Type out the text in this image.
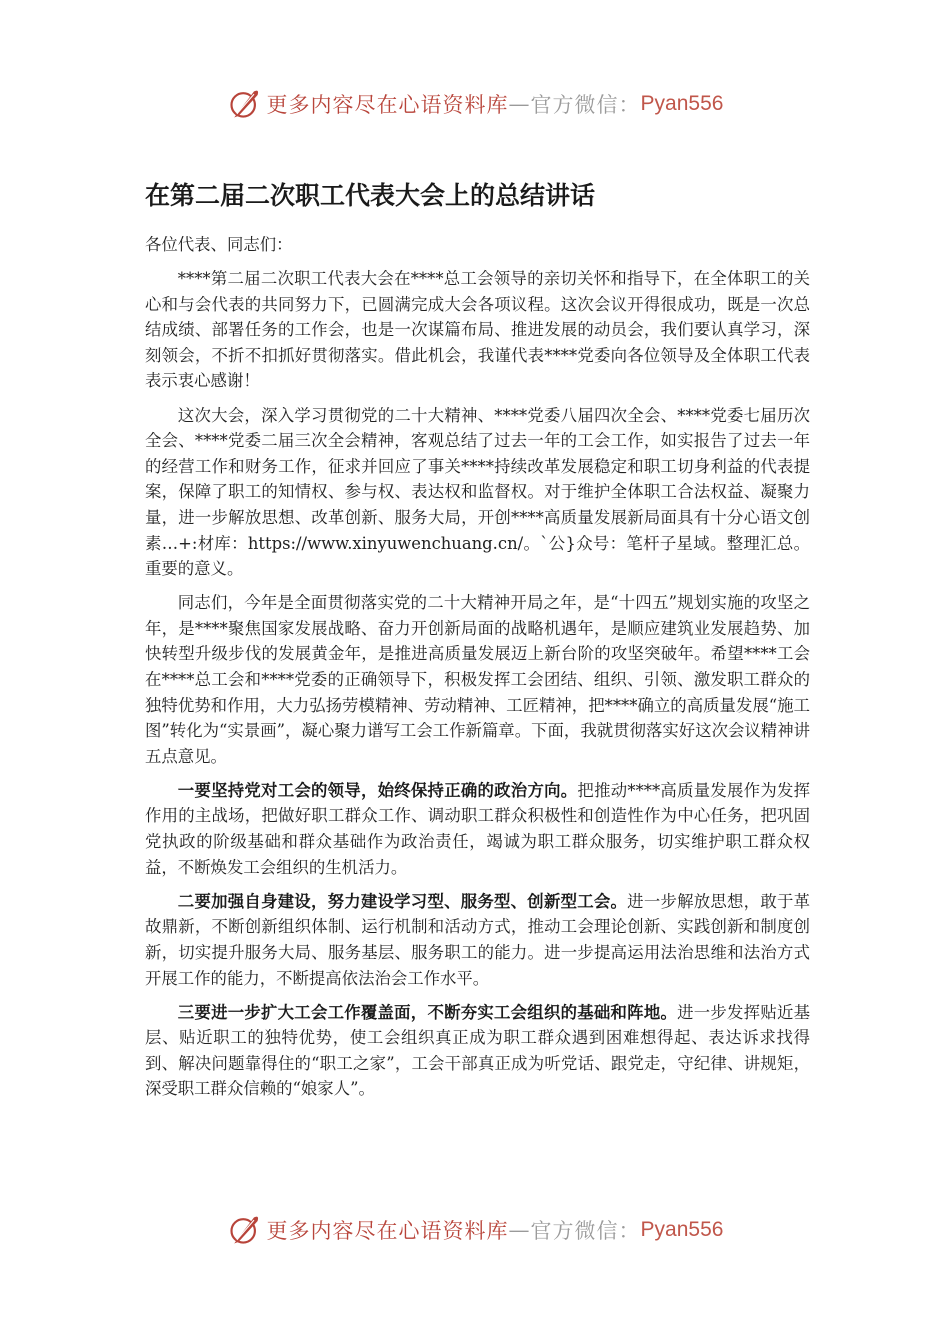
更多内容尽在心语资料库 — 官方微信： Pyan556
在第二届二次职工代表大会上的总结讲话

各位代表、同志们：

****第二届二次职工代表大会在****总工会领导的亲切关怀和指导下，在全体职工的关心和与会代表的共同努力下，已圆满完成大会各项议程。这次会议开得很成功，既是一次总结成绩、部署任务的工作会，也是一次谋篇布局、推进发展的动员会，我们要认真学习，深刻领会，不折不扣抓好贯彻落实。借此机会，我谨代表****党委向各位领导及全体职工代表表示衷心感谢！

这次大会，深入学习贯彻党的二十大精神、****党委八届四次全会、****党委七届历次全会、****党委二届三次全会精神，客观总结了过去一年的工会工作，如实报告了过去一年的经营工作和财务工作，征求并回应了事关****持续改革发展稳定和职工切身利益的代表提案，保障了职工的知情权、参与权、表达权和监督权。对于维护全体职工合法权益、凝聚力量，进一步解放思想、改革创新、服务大局，开创****高质量发展新局面具有十分心语文创素…+:材库：https://www.xinyuwenchuang.cn/。`公}众号：笔杆子星域。整理汇总。重要的意义。

同志们，今年是全面贯彻落实党的二十大精神开局之年，是“十四五”规划实施的攻坚之年，是****聚焦国家发展战略、奋力开创新局面的战略机遇年，是顺应建筑业发展趋势、加快转型升级步伐的发展黄金年，是推进高质量发展迈上新台阶的攻坚突破年。希望****工会在****总工会和****党委的正确领导下，积极发挥工会团结、组织、引领、激发职工群众的独特优势和作用，大力弘扬劳模精神、劳动精神、工匠精神，把****确立的高质量发展“施工图”转化为“实景画”，凝心聚力谱写工会工作新篇章。下面，我就贯彻落实好这次会议精神讲五点意见。

一要坚持党对工会的领导，始终保持正确的政治方向。把推动****高质量发展作为发挥作用的主战场，把做好职工群众工作、调动职工群众积极性和创造性作为中心任务，把巩固党执政的阶级基础和群众基础作为政治责任，竭诚为职工群众服务，切实维护职工群众权益，不断焕发工会组织的生机活力。

二要加强自身建设，努力建设学习型、服务型、创新型工会。进一步解放思想，敢于革故鼎新，不断创新组织体制、运行机制和活动方式，推动工会理论创新、实践创新和制度创新，切实提升服务大局、服务基层、服务职工的能力。进一步提高运用法治思维和法治方式开展工作的能力，不断提高依法治会工作水平。

三要进一步扩大工会工作覆盖面，不断夯实工会组织的基础和阵地。进一步发挥贴近基层、贴近职工的独特优势，使工会组织真正成为职工群众遇到困难想得起、表达诉求找得到、解决问题靠得住的“职工之家”，工会干部真正成为听党话、跟党走，守纪律、讲规矩，深受职工群众信赖的“娘家人”。

更多内容尽在心语资料库 — 官方微信： Pyan556
